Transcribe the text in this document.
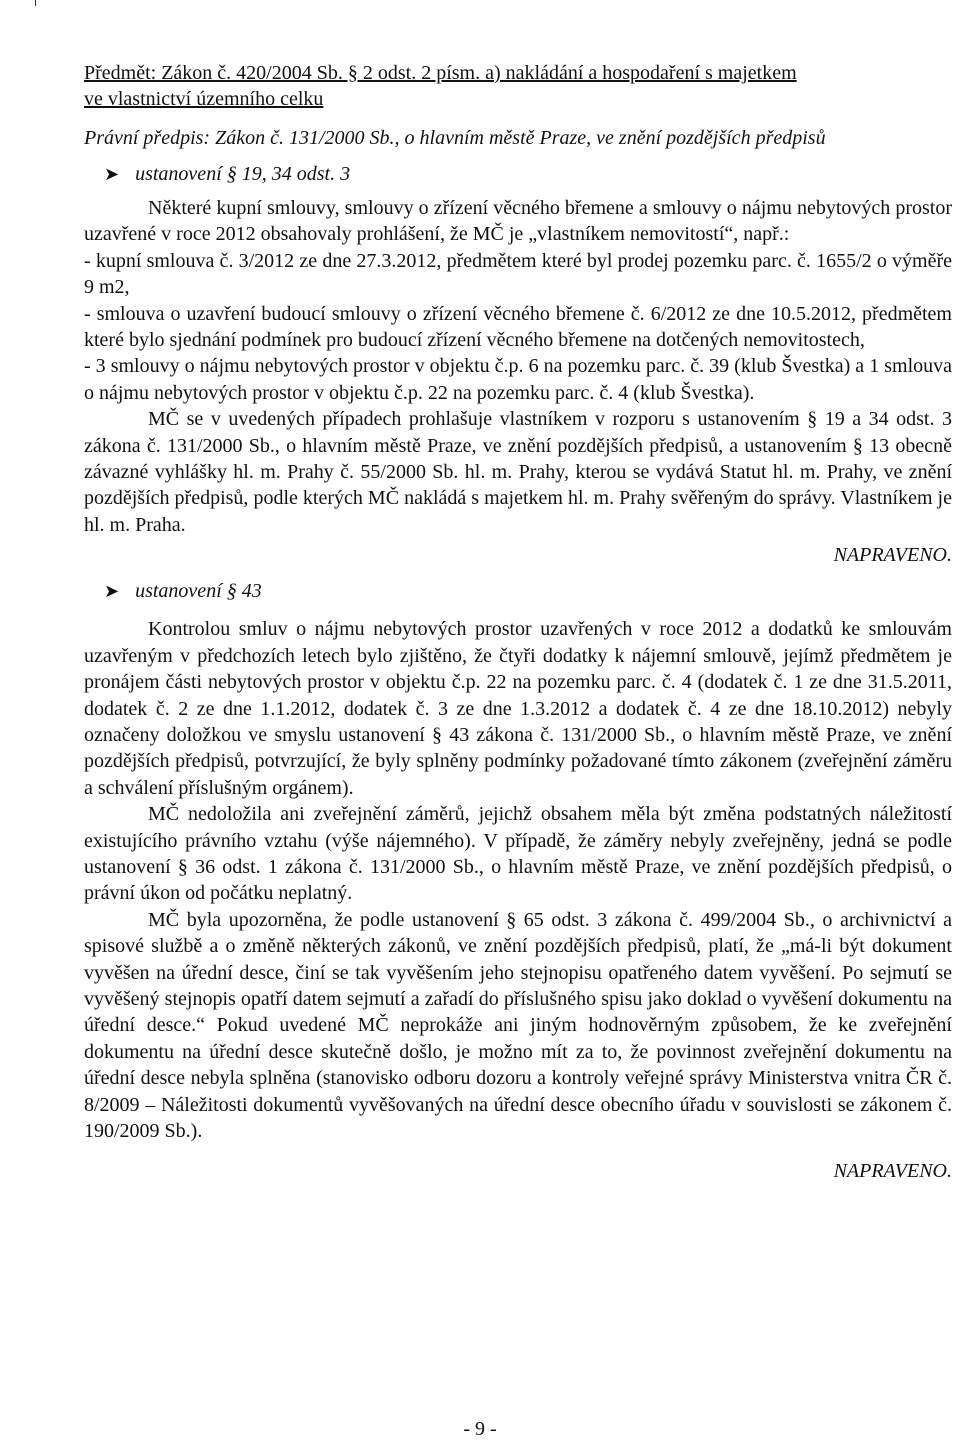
Předmět: Zákon č. 420/2004 Sb. § 2 odst. 2 písm. a) nakládání a hospodaření s majetkem
ve vlastnictví územního celku
Právní předpis: Zákon č. 131/2000 Sb., o hlavním městě Praze, ve znění pozdějších předpisů
➤ ustanovení § 19, 34 odst. 3

Některé kupní smlouvy, smlouvy o zřízení věcného břemene a smlouvy o nájmu nebytových prostor uzavřené v roce 2012 obsahovaly prohlášení, že MČ je „vlastníkem nemovitostí“, např.:

- kupní smlouva č. 3/2012 ze dne 27.3.2012, předmětem které byl prodej pozemku parc. č. 1655/2 o výměře 9 m2,

- smlouva o uzavření budoucí smlouvy o zřízení věcného břemene č. 6/2012 ze dne 10.5.2012, předmětem které bylo sjednání podmínek pro budoucí zřízení věcného břemene na dotčených nemovitostech,

- 3 smlouvy o nájmu nebytových prostor v objektu č.p. 6 na pozemku parc. č. 39 (klub Švestka) a 1 smlouva o nájmu nebytových prostor v objektu č.p. 22 na pozemku parc. č. 4 (klub Švestka).

MČ se v uvedených případech prohlašuje vlastníkem v rozporu s ustanovením § 19 a 34 odst. 3 zákona č. 131/2000 Sb., o hlavním městě Praze, ve znění pozdějších předpisů, a ustanovením § 13 obecně závazné vyhlášky hl. m. Prahy č. 55/2000 Sb. hl. m. Prahy, kterou se vydává Statut hl. m. Prahy, ve znění pozdějších předpisů, podle kterých MČ nakládá s majetkem hl. m. Prahy svěřeným do správy. Vlastníkem je hl. m. Praha.

NAPRAVENO.
➤ ustanovení § 43

Kontrolou smluv o nájmu nebytových prostor uzavřených v roce 2012 a dodatků ke smlouvám uzavřeným v předchozích letech bylo zjištěno, že čtyři dodatky k nájemní smlouvě, jejímž předmětem je pronájem části nebytových prostor v objektu č.p. 22 na pozemku parc. č. 4 (dodatek č. 1 ze dne 31.5.2011, dodatek č. 2 ze dne 1.1.2012, dodatek č. 3 ze dne 1.3.2012 a dodatek č. 4 ze dne 18.10.2012) nebyly označeny doložkou ve smyslu ustanovení § 43 zákona č. 131/2000 Sb., o hlavním městě Praze, ve znění pozdějších předpisů, potvrzující, že byly splněny podmínky požadované tímto zákonem (zveřejnění záměru a schválení příslušným orgánem).

MČ nedoložila ani zveřejnění záměrů, jejichž obsahem měla být změna podstatných náležitostí existujícího právního vztahu (výše nájemného). V případě, že záměry nebyly zveřejněny, jedná se podle ustanovení § 36 odst. 1 zákona č. 131/2000 Sb., o hlavním městě Praze, ve znění pozdějších předpisů, o právní úkon od počátku neplatný.

MČ byla upozorněna, že podle ustanovení § 65 odst. 3 zákona č. 499/2004 Sb., o archivnictví a spisové službě a o změně některých zákonů, ve znění pozdějších předpisů, platí, že „má-li být dokument vyvěšen na úřední desce, činí se tak vyvěšením jeho stejnopisu opatřeného datem vyvěšení. Po sejmutí se vyvěšený stejnopis opatří datem sejmutí a zařadí do příslušného spisu jako doklad o vyvěšení dokumentu na úřední desce.“ Pokud uvedené MČ neprokáže ani jiným hodnověrným způsobem, že ke zveřejnění dokumentu na úřední desce skutečně došlo, je možno mít za to, že povinnost zveřejnění dokumentu na úřední desce nebyla splněna (stanovisko odboru dozoru a kontroly veřejné správy Ministerstva vnitra ČR č. 8/2009 – Náležitosti dokumentů vyvěšovaných na úřední desce obecního úřadu v souvislosti se zákonem č. 190/2009 Sb.).

NAPRAVENO.
- 9 -
